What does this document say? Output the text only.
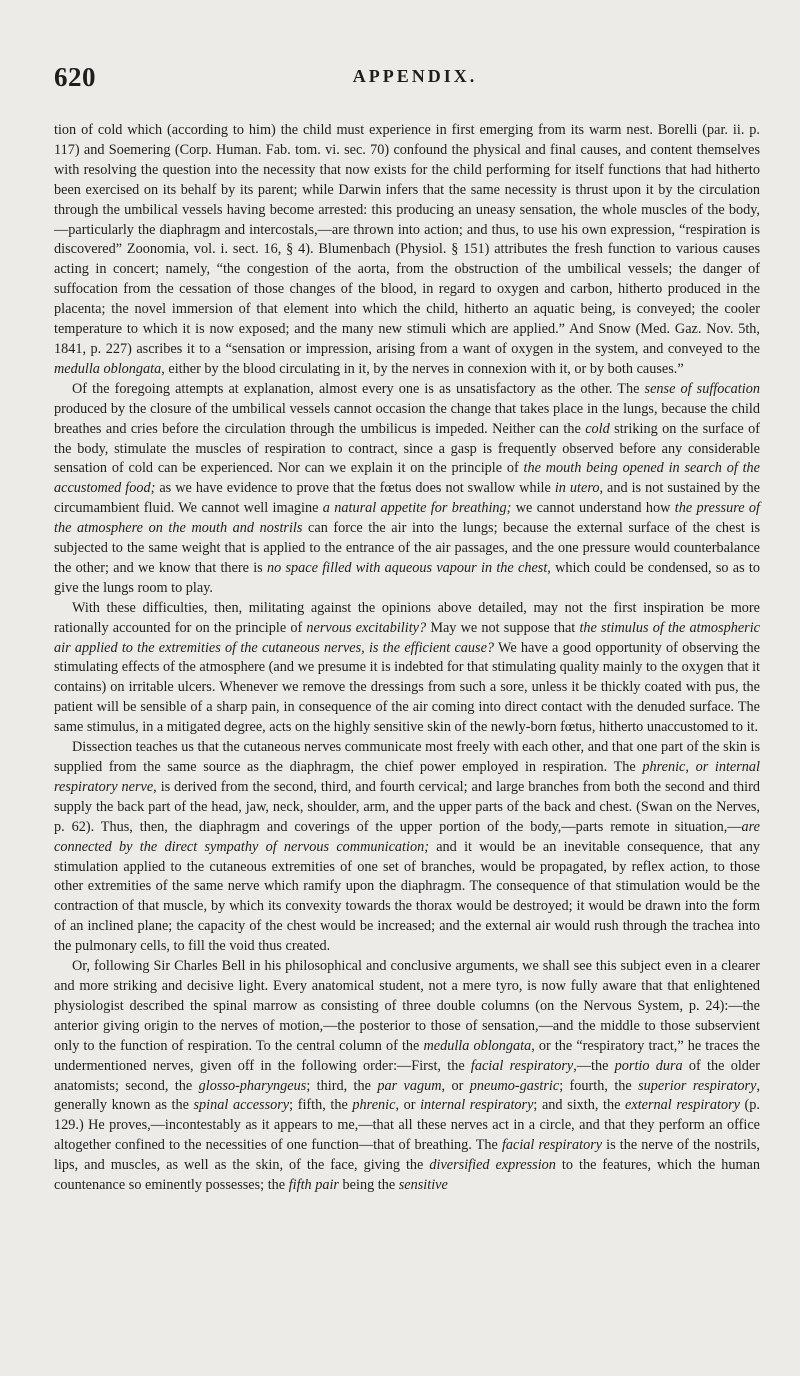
620	APPENDIX.

tion of cold which (according to him) the child must experience in first emerging from its warm nest. Borelli (par. ii. p. 117) and Soemering (Corp. Human. Fab. tom. vi. sec. 70) confound the physical and final causes, and content themselves with resolving the question into the necessity that now exists for the child performing for itself functions that had hitherto been exercised on its behalf by its parent; while Darwin infers that the same necessity is thrust upon it by the circulation through the umbilical vessels having become arrested: this producing an uneasy sensation, the whole muscles of the body,—particularly the diaphragm and intercostals,—are thrown into action; and thus, to use his own expression, “respiration is discovered” Zoonomia, vol. i. sect. 16, § 4). Blumenbach (Physiol. § 151) attributes the fresh function to various causes acting in concert; namely, “the congestion of the aorta, from the obstruction of the umbilical vessels; the danger of suffocation from the cessation of those changes of the blood, in regard to oxygen and carbon, hitherto produced in the placenta; the novel immersion of that element into which the child, hitherto an aquatic being, is conveyed; the cooler temperature to which it is now exposed; and the many new stimuli which are applied.” And Snow (Med. Gaz. Nov. 5th, 1841, p. 227) ascribes it to a “sensation or impression, arising from a want of oxygen in the system, and conveyed to the medulla oblongata, either by the blood circulating in it, by the nerves in connexion with it, or by both causes.”

Of the foregoing attempts at explanation, almost every one is as unsatisfactory as the other. The sense of suffocation produced by the closure of the umbilical vessels cannot occasion the change that takes place in the lungs, because the child breathes and cries before the circulation through the umbilicus is impeded. Neither can the cold striking on the surface of the body, stimulate the muscles of respiration to contract, since a gasp is frequently observed before any considerable sensation of cold can be experienced. Nor can we explain it on the principle of the mouth being opened in search of the accustomed food; as we have evidence to prove that the fœtus does not swallow while in utero, and is not sustained by the circumambient fluid. We cannot well imagine a natural appetite for breathing; we cannot understand how the pressure of the atmosphere on the mouth and nostrils can force the air into the lungs; because the external surface of the chest is subjected to the same weight that is applied to the entrance of the air passages, and the one pressure would counterbalance the other; and we know that there is no space filled with aqueous vapour in the chest, which could be condensed, so as to give the lungs room to play.

With these difficulties, then, militating against the opinions above detailed, may not the first inspiration be more rationally accounted for on the principle of nervous excitability? May we not suppose that the stimulus of the atmospheric air applied to the extremities of the cutaneous nerves, is the efficient cause? We have a good opportunity of observing the stimulating effects of the atmosphere (and we presume it is indebted for that stimulating quality mainly to the oxygen that it contains) on irritable ulcers. Whenever we remove the dressings from such a sore, unless it be thickly coated with pus, the patient will be sensible of a sharp pain, in consequence of the air coming into direct contact with the denuded surface. The same stimulus, in a mitigated degree, acts on the highly sensitive skin of the newly-born fœtus, hitherto unaccustomed to it.

Dissection teaches us that the cutaneous nerves communicate most freely with each other, and that one part of the skin is supplied from the same source as the diaphragm, the chief power employed in respiration. The phrenic, or internal respiratory nerve, is derived from the second, third, and fourth cervical; and large branches from both the second and third supply the back part of the head, jaw, neck, shoulder, arm, and the upper parts of the back and chest. (Swan on the Nerves, p. 62). Thus, then, the diaphragm and coverings of the upper portion of the body,—parts remote in situation,—are connected by the direct sympathy of nervous communication; and it would be an inevitable consequence, that any stimulation applied to the cutaneous extremities of one set of branches, would be propagated, by reflex action, to those other extremities of the same nerve which ramify upon the diaphragm. The consequence of that stimulation would be the contraction of that muscle, by which its convexity towards the thorax would be destroyed; it would be drawn into the form of an inclined plane; the capacity of the chest would be increased; and the external air would rush through the trachea into the pulmonary cells, to fill the void thus created.

Or, following Sir Charles Bell in his philosophical and conclusive arguments, we shall see this subject even in a clearer and more striking and decisive light. Every anatomical student, not a mere tyro, is now fully aware that that enlightened physiologist described the spinal marrow as consisting of three double columns (on the Nervous System, p. 24):—the anterior giving origin to the nerves of motion,—the posterior to those of sensation,—and the middle to those subservient only to the function of respiration. To the central column of the medulla oblongata, or the “respiratory tract,” he traces the undermentioned nerves, given off in the following order:—First, the facial respiratory,—the portio dura of the older anatomists; second, the glosso-pharyngeus; third, the par vagum, or pneumo-gastric; fourth, the superior respiratory, generally known as the spinal accessory; fifth, the phrenic, or internal respiratory; and sixth, the external respiratory (p. 129.) He proves,—incontestably as it appears to me,—that all these nerves act in a circle, and that they perform an office altogether confined to the necessities of one function—that of breathing. The facial respiratory is the nerve of the nostrils, lips, and muscles, as well as the skin, of the face, giving the diversified expression to the features, which the human countenance so eminently possesses; the fifth pair being the sensitive
